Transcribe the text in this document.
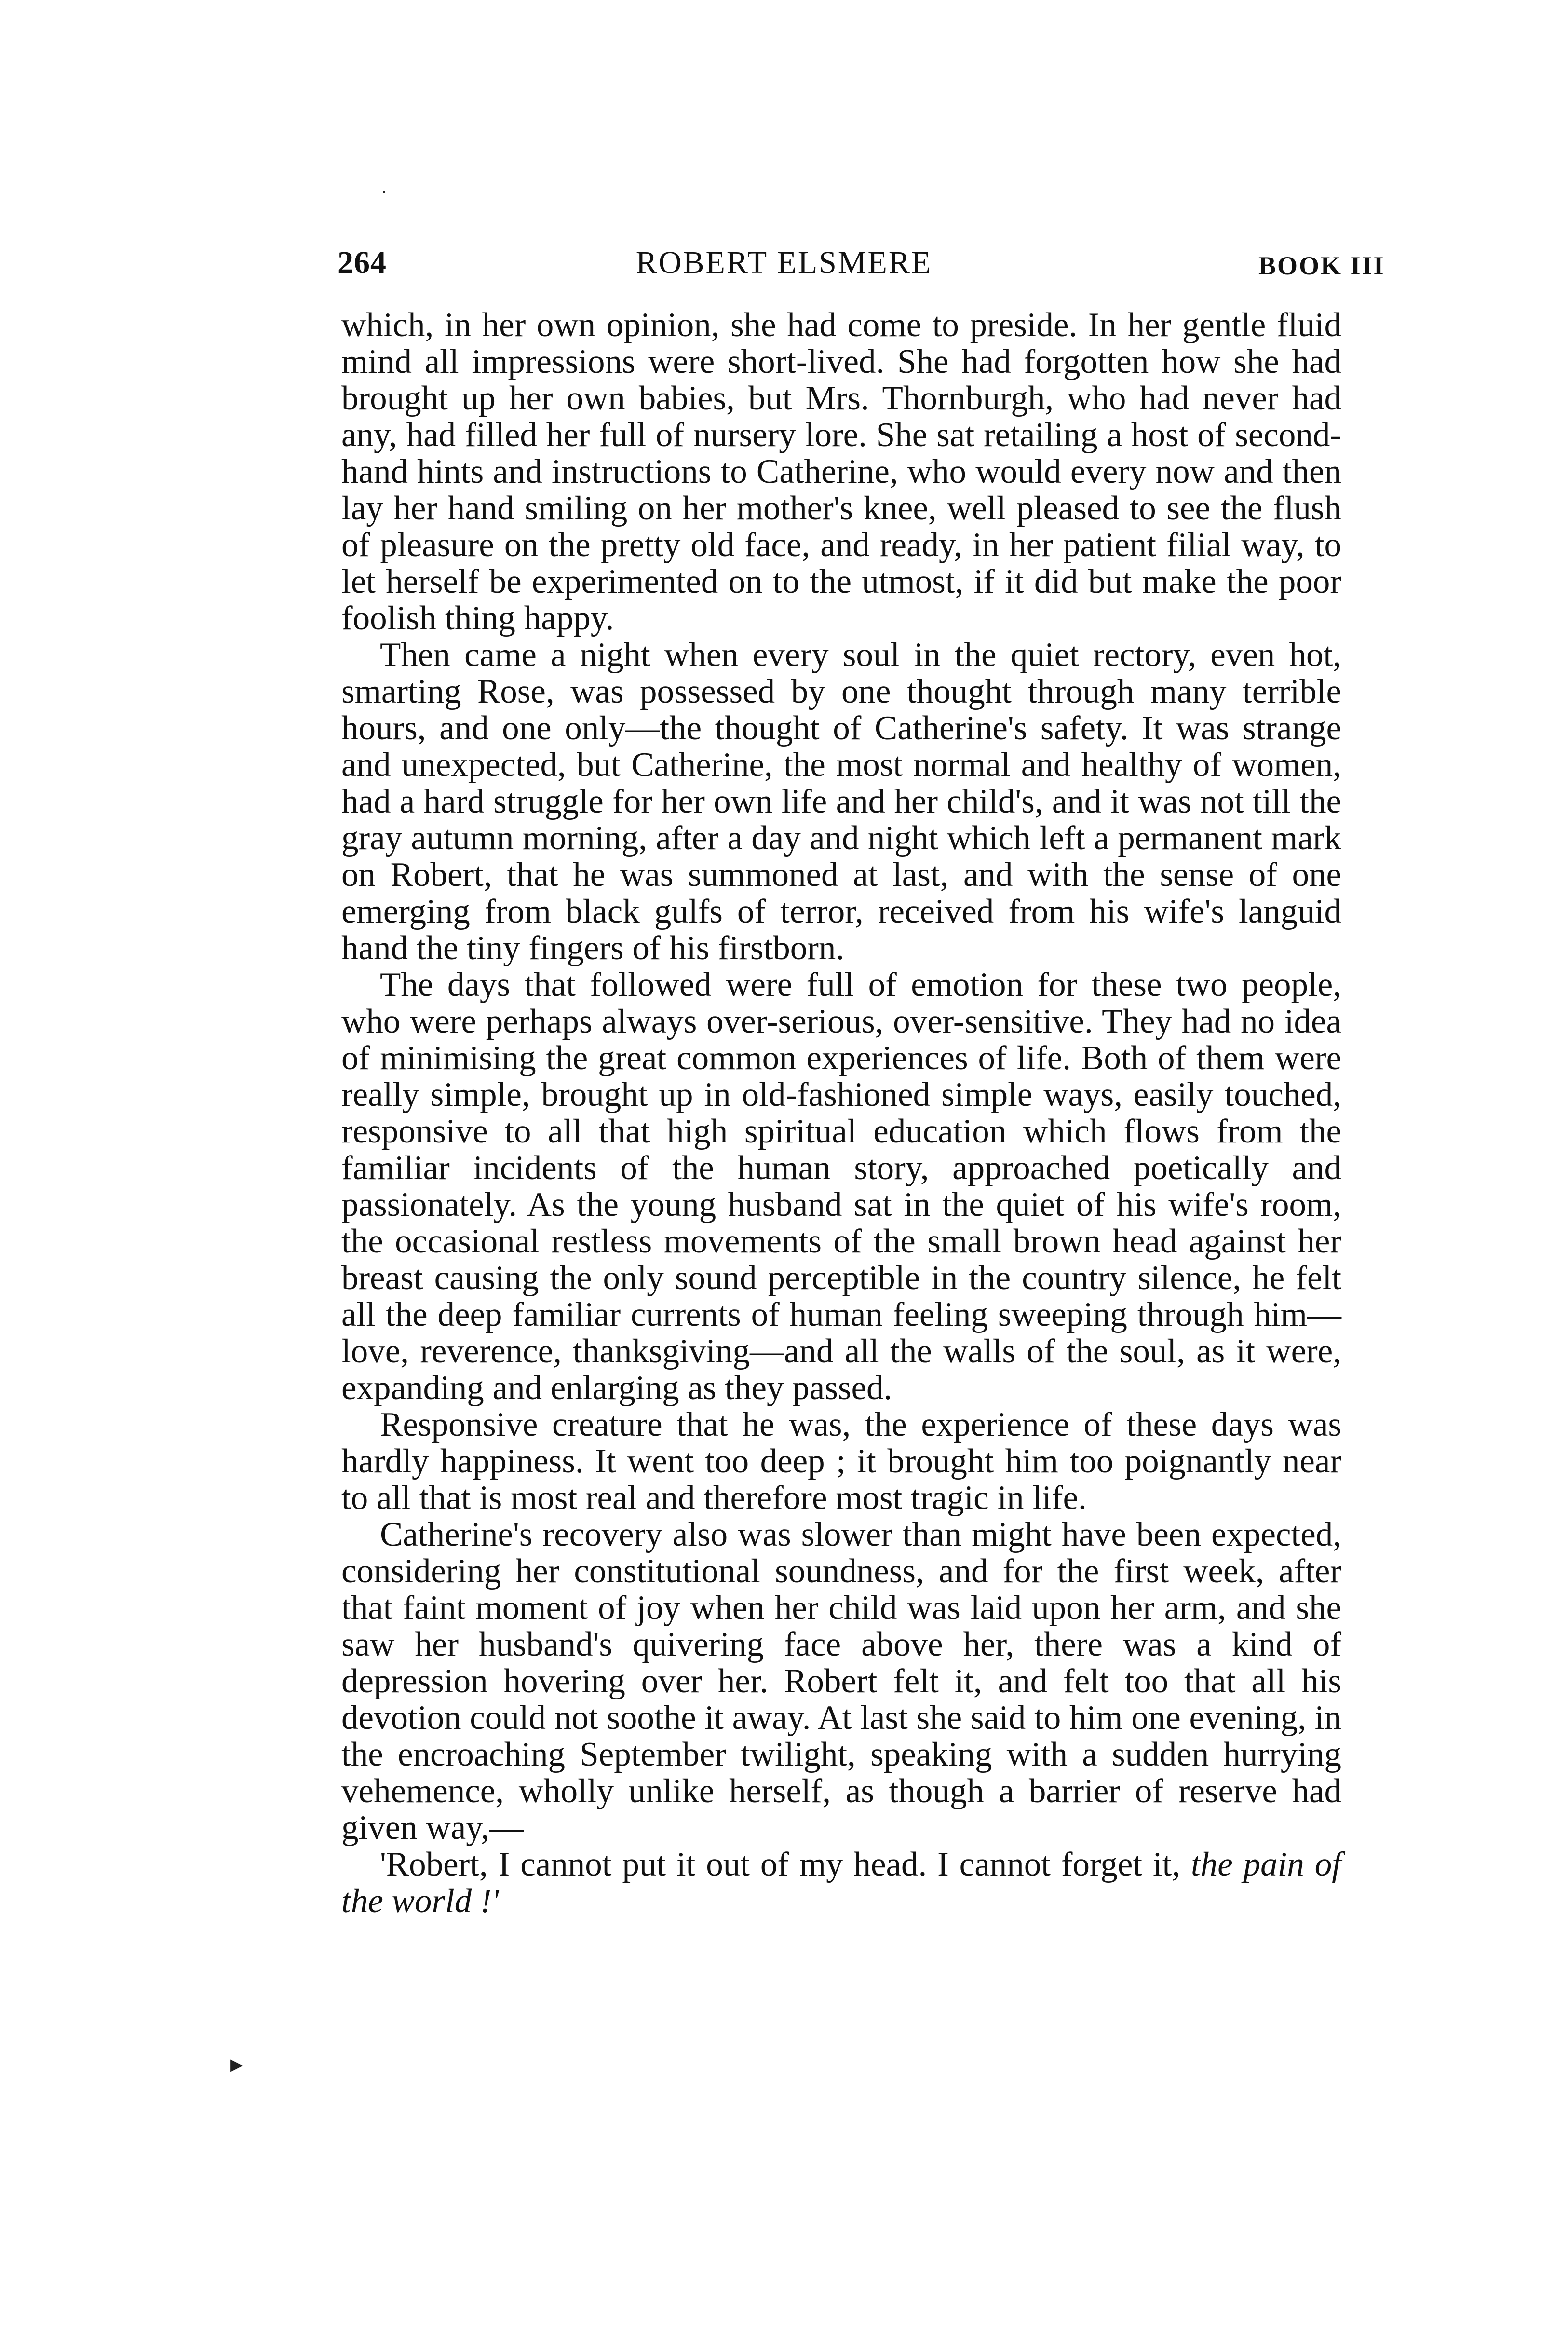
264	ROBERT ELSMERE	BOOK III

which, in her own opinion, she had come to preside. In her gentle fluid mind all impressions were short-lived. She had forgotten how she had brought up her own babies, but Mrs. Thornburgh, who had never had any, had filled her full of nursery lore. She sat retailing a host of second-hand hints and instructions to Catherine, who would every now and then lay her hand smiling on her mother's knee, well pleased to see the flush of pleasure on the pretty old face, and ready, in her patient filial way, to let herself be experimented on to the utmost, if it did but make the poor foolish thing happy.

Then came a night when every soul in the quiet rectory, even hot, smarting Rose, was possessed by one thought through many terrible hours, and one only—the thought of Catherine's safety. It was strange and unexpected, but Catherine, the most normal and healthy of women, had a hard struggle for her own life and her child's, and it was not till the gray autumn morning, after a day and night which left a permanent mark on Robert, that he was summoned at last, and with the sense of one emerging from black gulfs of terror, received from his wife's languid hand the tiny fingers of his firstborn.

The days that followed were full of emotion for these two people, who were perhaps always over-serious, over-sensitive. They had no idea of minimising the great common experiences of life. Both of them were really simple, brought up in old-fashioned simple ways, easily touched, responsive to all that high spiritual education which flows from the familiar incidents of the human story, approached poetically and passionately. As the young husband sat in the quiet of his wife's room, the occasional restless movements of the small brown head against her breast causing the only sound perceptible in the country silence, he felt all the deep familiar currents of human feeling sweeping through him—love, reverence, thanksgiving—and all the walls of the soul, as it were, expanding and enlarging as they passed.

Responsive creature that he was, the experience of these days was hardly happiness. It went too deep ; it brought him too poignantly near to all that is most real and therefore most tragic in life.

Catherine's recovery also was slower than might have been expected, considering her constitutional soundness, and for the first week, after that faint moment of joy when her child was laid upon her arm, and she saw her husband's quivering face above her, there was a kind of depression hovering over her. Robert felt it, and felt too that all his devotion could not soothe it away. At last she said to him one evening, in the encroaching September twilight, speaking with a sudden hurrying vehemence, wholly unlike herself, as though a barrier of reserve had given way,—

'Robert, I cannot put it out of my head. I cannot forget it, the pain of the world !'

·
▸
